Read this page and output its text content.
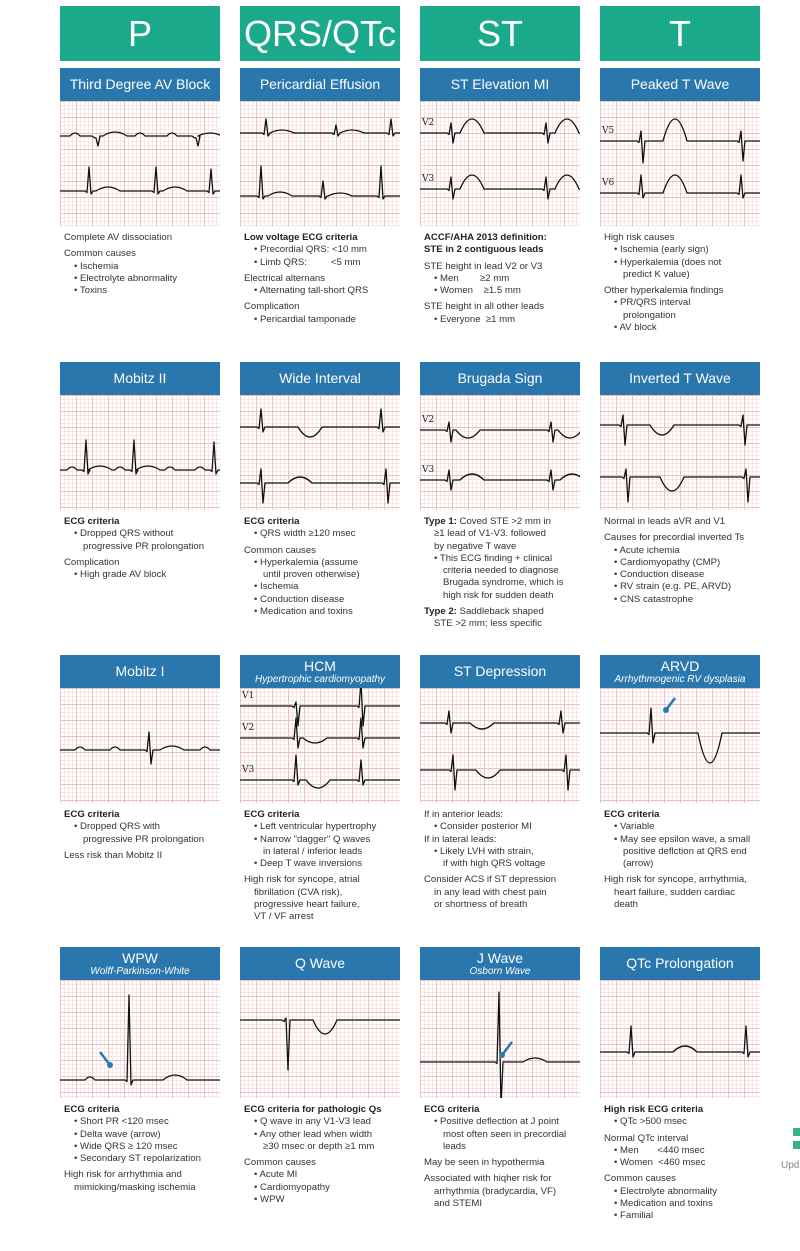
P	QRS/QTc	ST	T
Third Degree AV Block
Complete AV dissociation
Common causes
• Ischemia
• Electrolyte abnormality
• Toxins
Pericardial Effusion
Low voltage ECG criteria
• Precordial QRS: <10 mm
• Limb QRS:         <5 mm
Electrical alternans
• Alternating tall-short QRS
Complication
• Pericardial tamponade
ST Elevation MI
V2
V3
ACCF/AHA 2013 definition:
STE in 2 contiguous leads
STE height in lead V2 or V3
• Men        ≥2 mm
• Women    ≥1.5 mm
STE height in all other leads
• Everyone  ≥1 mm
Peaked T Wave
V5
V6
High risk causes
• Ischemia (early sign)
• Hyperkalemia (does not
predict K value)
Other hyperkalemia findings
• PR/QRS interval
prolongation
• AV block
Mobitz II
ECG criteria
• Dropped QRS without
progressive PR prolongation
Complication
• High grade AV block
Wide Interval
ECG criteria
• QRS width ≥120 msec
Common causes
• Hyperkalemia (assume
until proven otherwise)
• Ischemia
• Conduction disease
• Medication and toxins
Brugada Sign
V2
V3
Type 1: Coved STE >2 mm in
≥1 lead of V1-V3. followed
by negative T wave
• This ECG finding + clinical
criteria needed to diagnose
Brugada syndrome, which is
high risk for sudden death
Type 2: Saddleback shaped
STE >2 mm; less specific
Inverted T Wave
Normal in leads aVR and V1
Causes for precordial inverted Ts
• Acute ichemia
• Cardiomyopathy (CMP)
• Conduction disease
• RV strain (e.g. PE, ARVD)
• CNS catastrophe
Mobitz I
ECG criteria
• Dropped QRS with
progressive PR prolongation
Less risk than Mobitz II
HCM
Hypertrophic cardiomyopathy
V1
V2
V3
ECG criteria
• Left ventricular hypertrophy
• Narrow "dagger" Q waves
in lateral / inferior leads
• Deep T wave inversions
High risk for syncope, atrial
fibrillation (CVA risk),
progressive heart failure,
VT / VF arrest
ST Depression
If in anterior leads:
• Consider posterior MI
If in lateral leads:
• Likely LVH with strain,
if with high QRS voltage
Consider ACS if ST depression
in any lead with chest pain
or shortness of breath
ARVD
Arrhythmogenic RV dysplasia
ECG criteria
• Variable
• May see epsilon wave, a small
positive deflction at QRS end
(arrow)
High risk for syncope, arrhythmia,
heart failure, sudden cardiac
death
WPW
Wolff-Parkinson-White
ECG criteria
• Short PR <120 msec
• Delta wave (arrow)
• Wide QRS ≥ 120 msec
• Secondary ST repolarization
High risk for arrhythmia and
mimicking/masking ischemia
Q Wave
ECG criteria for pathologic Qs
• Q wave in any V1-V3 lead
• Any other lead when width
≥30 msec or depth ≥1 mm
Common causes
• Acute MI
• Cardiomyopathy
• WPW
J Wave
Osborn Wave
ECG criteria
• Positive deflection at J point
most often seen in precordial
leads
May be seen in hypothermia
Associated with hiqher risk for
arrhythmia (bradycardia, VF)
and STEMI
QTc Prolongation
High risk ECG criteria
• QTc >500 msec
Normal QTc interval
• Men       <440 msec
• Women  <460 msec
Common causes
• Electrolyte abnormality
• Medication and toxins
• Familial
Upd
